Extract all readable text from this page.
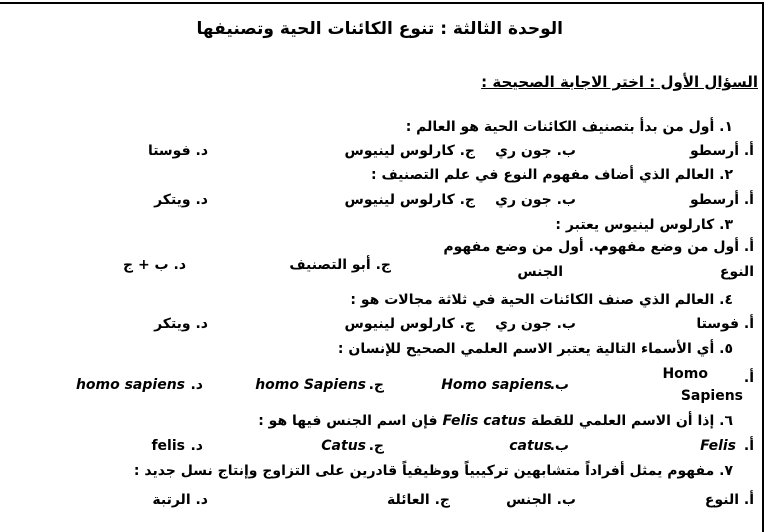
الوحدة الثالثة : تنوع الكائنات الحية وتصنيفها
السؤال الأول : اختر الاجابة الصحيحة :
١. أول من بدأ بتصنيف الكائنات الحية هو العالم :
أ. أرسطو
ب. جون ري
ج. كارلوس لينيوس
د. فوستا
٢. العالم الذي أضاف مفهوم النوع في علم التصنيف :
أ. أرسطو
ب. جون ري
ج. كارلوس لينيوس
د. ويتكر
٣. كارلوس لينيوس يعتبر :
أ. أول من وضع مفهوم
النوع
ب. أول من وضع مفهوم
الجنس
ج. أبو التصنيف
د. ب + ج
٤. العالم الذي صنف الكائنات الحية في ثلاثة مجالات هو :
أ. فوستا
ب. جون ري
ج. كارلوس لينيوس
د. ويتكر
٥. أي الأسماء التالية يعتبر الاسم العلمي الصحيح للإنسان :
أ.
Homo
Sapiens
ب.
Homo sapiens
ج.
homo Sapiens
د.
homo sapiens
٦. إذا أن الاسم العلمي للقطة Felis catus فإن اسم الجنس فيها هو :
أ.
Felis
ب.
catus
ج.
Catus
د.
felis
٧. مفهوم يمثل أفراداً متشابهين تركيبياً ووظيفياً قادرين على التزاوج وإنتاج نسل جديد :
أ. النوع
ب. الجنس
ج. العائلة
د. الرتبة
